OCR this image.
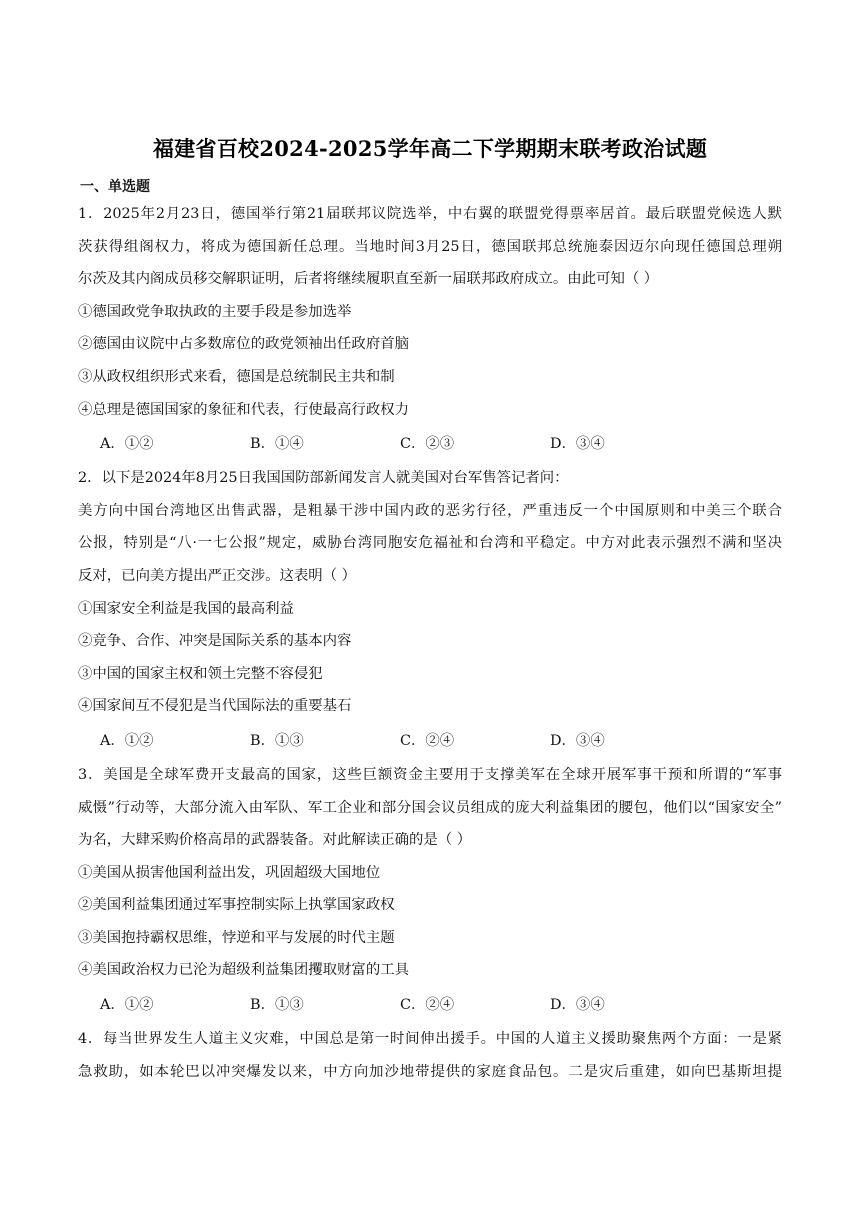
福建省百校2024-2025学年高二下学期期末联考政治试题
一、单选题
1．2025年2月23日，德国举行第21届联邦议院选举，中右翼的联盟党得票率居首。最后联盟党候选人默
茨获得组阁权力，将成为德国新任总理。当地时间3月25日，德国联邦总统施泰因迈尔向现任德国总理朔
尔茨及其内阁成员移交解职证明，后者将继续履职直至新一届联邦政府成立。由此可知（ ）
①德国政党争取执政的主要手段是参加选举
②德国由议院中占多数席位的政党领袖出任政府首脑
③从政权组织形式来看，德国是总统制民主共和制
④总理是德国国家的象征和代表，行使最高行政权力
A．①②	B．①④	C．②③	D．③④
2．以下是2024年8月25日我国国防部新闻发言人就美国对台军售答记者问：
美方向中国台湾地区出售武器，是粗暴干涉中国内政的恶劣行径，严重违反一个中国原则和中美三个联合
公报，特别是“八·一七公报”规定，威胁台湾同胞安危福祉和台湾和平稳定。中方对此表示强烈不满和坚决
反对，已向美方提出严正交涉。这表明（ ）
①国家安全利益是我国的最高利益
②竞争、合作、冲突是国际关系的基本内容
③中国的国家主权和领土完整不容侵犯
④国家间互不侵犯是当代国际法的重要基石
A．①②	B．①③	C．②④	D．③④
3．美国是全球军费开支最高的国家，这些巨额资金主要用于支撑美军在全球开展军事干预和所谓的“军事
威慑”行动等，大部分流入由军队、军工企业和部分国会议员组成的庞大利益集团的腰包，他们以“国家安全”
为名，大肆采购价格高昂的武器装备。对此解读正确的是（ ）
①美国从损害他国利益出发，巩固超级大国地位
②美国利益集团通过军事控制实际上执掌国家政权
③美国抱持霸权思维，悖逆和平与发展的时代主题
④美国政治权力已沦为超级利益集团攫取财富的工具
A．①②	B．①③	C．②④	D．③④
4．每当世界发生人道主义灾难，中国总是第一时间伸出援手。中国的人道主义援助聚焦两个方面：一是紧
急救助，如本轮巴以冲突爆发以来，中方向加沙地带提供的家庭食品包。二是灾后重建，如向巴基斯坦提
